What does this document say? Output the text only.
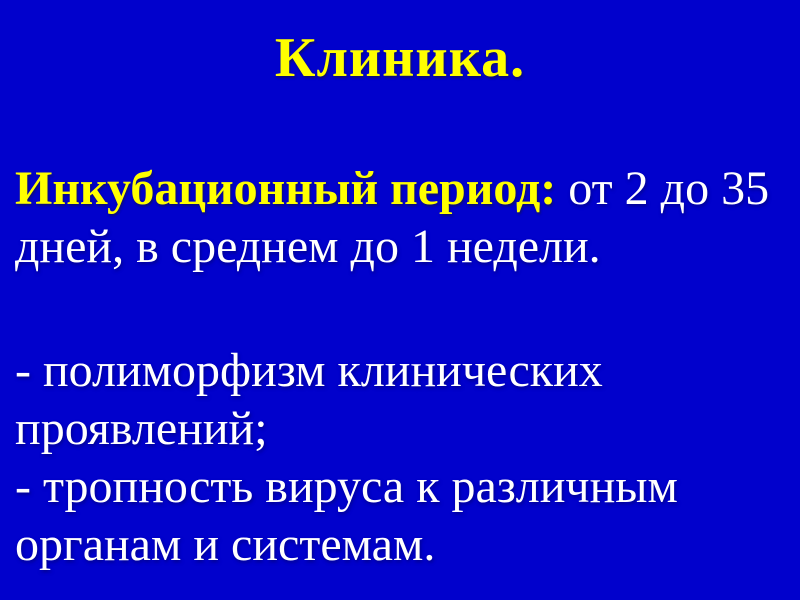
Клиника.
Инкубационный период: от 2 до 35
дней, в среднем до 1 недели.
- полиморфизм клинических
проявлений;
- тропность вируса к различным
органам и системам.
